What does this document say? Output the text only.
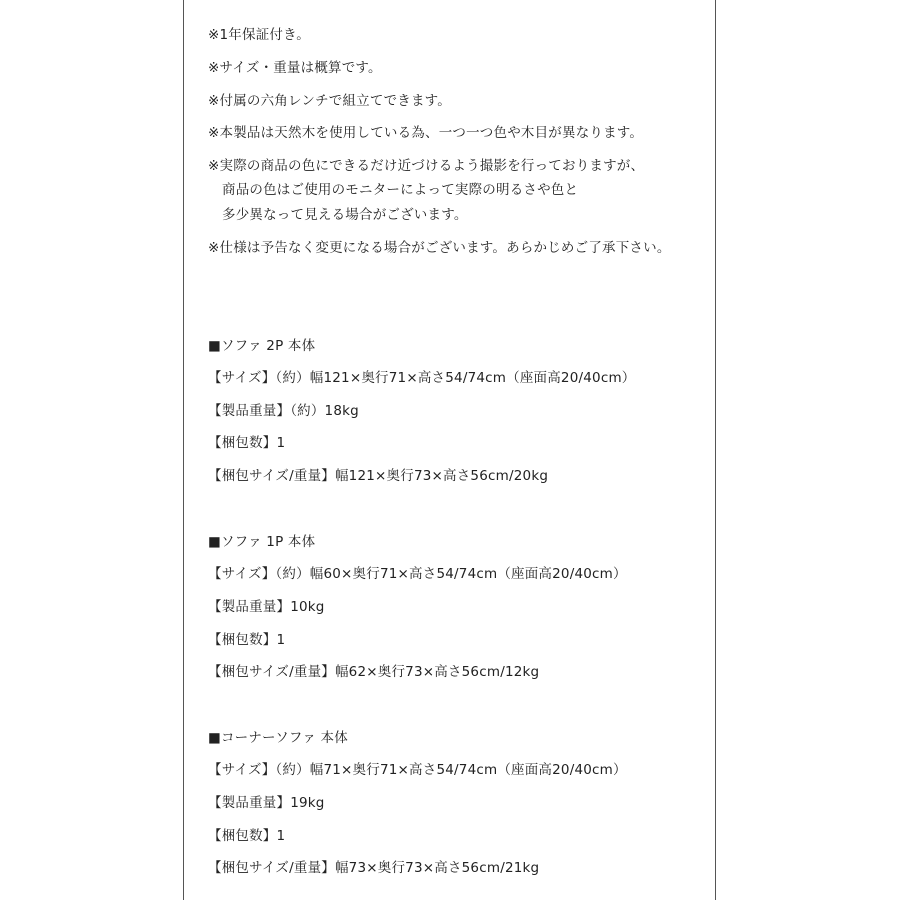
※1年保証付き。
※サイズ・重量は概算です。
※付属の六角レンチで組立てできます。
※本製品は天然木を使用している為、一つ一つ色や木目が異なります。
※実際の商品の色にできるだけ近づけるよう撮影を行っておりますが、
商品の色はご使用のモニターによって実際の明るさや色と
多少異なって見える場合がございます。
※仕様は予告なく変更になる場合がございます。あらかじめご了承下さい。
■ソファ 2P 本体
【サイズ】（約）幅121×奥行71×高さ54/74cm（座面高20/40cm）
【製品重量】（約）18kg
【梱包数】1
【梱包サイズ/重量】幅121×奥行73×高さ56cm/20kg
■ソファ 1P 本体
【サイズ】（約）幅60×奥行71×高さ54/74cm（座面高20/40cm）
【製品重量】10kg
【梱包数】1
【梱包サイズ/重量】幅62×奥行73×高さ56cm/12kg
■コーナーソファ 本体
【サイズ】（約）幅71×奥行71×高さ54/74cm（座面高20/40cm）
【製品重量】19kg
【梱包数】1
【梱包サイズ/重量】幅73×奥行73×高さ56cm/21kg
